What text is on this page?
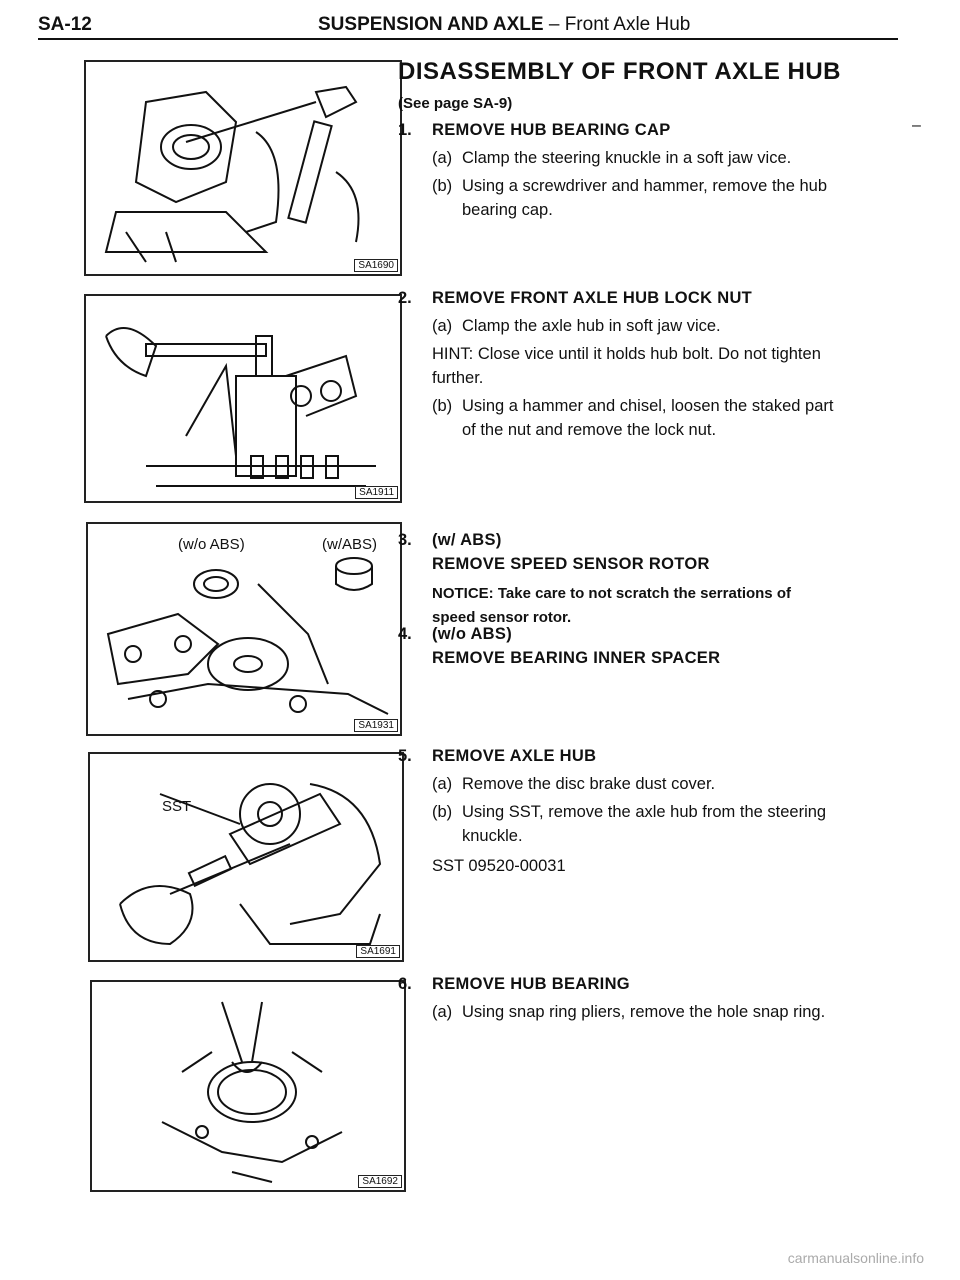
SA-12	SUSPENSION AND AXLE – Front Axle Hub
SA1690
SA1911
(w/o ABS)	(w/ABS)
SA1931
SST
SA1691
SA1692
DISASSEMBLY OF FRONT AXLE HUB
(See page SA-9)
–
1. REMOVE HUB BEARING CAP
(a) Clamp the steering knuckle in a soft jaw vice.
(b) Using a screwdriver and hammer, remove the hub
bearing cap.
2. REMOVE FRONT AXLE HUB LOCK NUT
(a) Clamp the axle hub in soft jaw vice.
HINT: Close vice until it holds hub bolt. Do not tighten
further.
(b) Using a hammer and chisel, loosen the staked part
of the nut and remove the lock nut.
3. (w/ ABS)
REMOVE SPEED SENSOR ROTOR
NOTICE: Take care to not scratch the serrations of
speed sensor rotor.
4. (w/o ABS)
REMOVE BEARING INNER SPACER
5. REMOVE AXLE HUB
(a) Remove the disc brake dust cover.
(b) Using SST, remove the axle hub from the steering
knuckle.
SST 09520-00031
6. REMOVE HUB BEARING
(a) Using snap ring pliers, remove the hole snap ring.
carmanualsonline.info
